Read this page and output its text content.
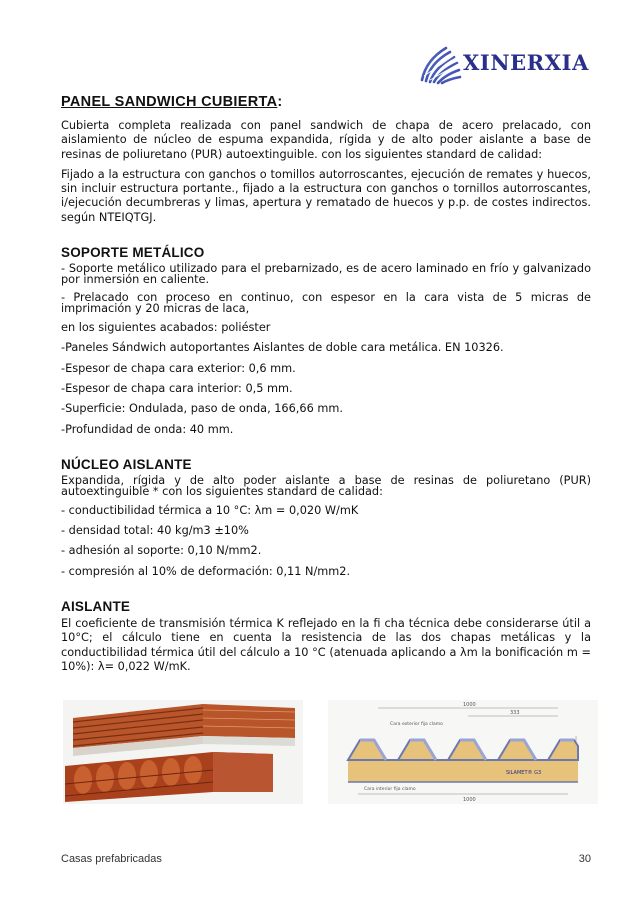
XINERXIA
PANEL SANDWICH CUBIERTA:

Cubierta completa realizada con panel sandwich de chapa de acero prelacado, con aislamiento de núcleo de espuma expandida, rígida y de alto poder aislante a base de resinas de poliuretano (PUR) autoextinguible. con los siguientes standard de calidad:

Fijado a la estructura con ganchos o tomillos autorroscantes, ejecución de remates y huecos, sin incluir estructura portante., fijado a la estructura con ganchos o tornillos autorroscantes, i/ejecución decumbreras y limas, apertura y rematado de huecos y p.p. de costes indirectos. según NTEIQTGJ.

SOPORTE METÁLICO

- Soporte metálico utilizado para el prebarnizado, es de acero laminado en frío y galvanizado por inmersión en caliente.

- Prelacado con proceso en continuo, con espesor en la cara vista de 5 micras de imprimación y 20 micras de laca,

en los siguientes acabados: poliéster

-Paneles Sándwich autoportantes Aislantes de doble cara metálica. EN 10326.

-Espesor de chapa cara exterior: 0,6 mm.

-Espesor de chapa cara interior: 0,5 mm.

-Superficie: Ondulada, paso de onda, 166,66 mm.

-Profundidad de onda: 40 mm.

NÚCLEO AISLANTE

Expandida, rígida y de alto poder aislante a base de resinas de poliuretano (PUR) autoextinguible * con los siguientes standard de calidad:

- conductibilidad térmica a 10 °C: λm = 0,020 W/mK

- densidad total: 40 kg/m3 ±10%

- adhesión al soporte: 0,10 N/mm2.

- compresión al 10% de deformación: 0,11 N/mm2.

AISLANTE

El coeficiente de transmisión térmica K reflejado en la fi cha técnica debe considerarse útil a 10°C; el cálculo tiene en cuenta la resistencia de las dos chapas metálicas y la conductibilidad térmica útil del cálculo a 10 °C (atenuada aplicando a λm la bonificación m = 10%): λ= 0,022 W/mK.

1000
333
Cara exterior fija clamo
SILAMET® G3
Cara interior fija clamo
1000
Casas prefabricadas	30
